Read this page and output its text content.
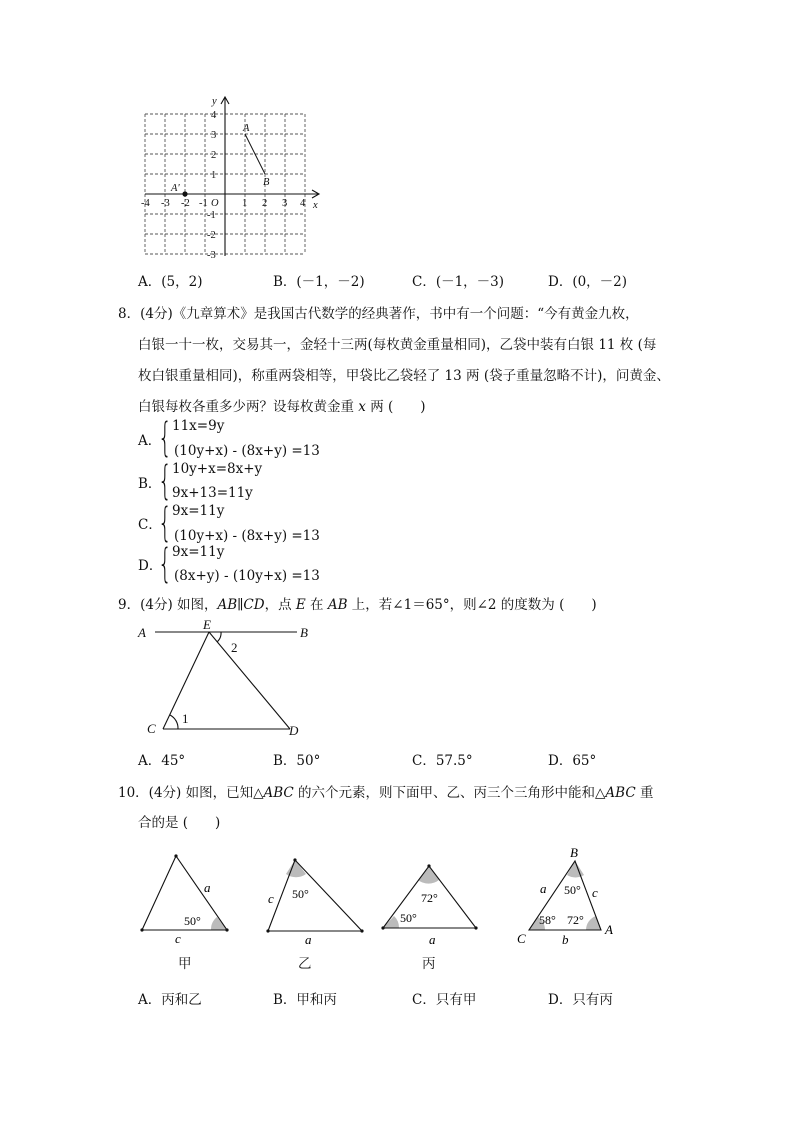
-4 -3 -2 -1	1 2 3 4
4
3
2
1
-1
-2
-3
O	x
y
A
B
A'
A．(5，2)	B．(－1，－2)	C．(－1，－3)	D．(0，－2)
8．(4分)《九章算术》是我国古代数学的经典著作，书中有一个问题：“今有黄金九枚，
白银一十一枚，交易其一，金轻十三两(每枚黄金重量相同)，乙袋中装有白银 11 枚 (每
枚白银重量相同)，称重两袋相等，甲袋比乙袋轻了 13 两 (袋子重量忽略不计)，问黄金、
白银每枚各重多少两？设每枚黄金重 x 两 (　　)
A．
{ 11x=9y
(10y+x) - (8x+y) =13
B．
{ 10y+x=8x+y
9x+13=11y
C．
{ 9x=11y
(10y+x) - (8x+y) =13
D．
{ 9x=11y
(8x+y) - (10y+x) =13
9．(4分) 如图，AB∥CD，点 E 在 AB 上，若∠1＝65°，则∠2 的度数为 (　　)
A	B
E
C	D
1
2
A．45°	B．50°	C．57.5°	D．65°
10．(4分) 如图，已知△ABC 的六个元素，则下面甲、乙、丙三个三角形中能和△ABC 重
合的是 (　　)
a
50°
c
c 50°
a
72°
50°
a
B
C
A
a	c
b
50°
58° 72°
甲	乙	丙
A．丙和乙	B．甲和丙	C．只有甲	D．只有丙
